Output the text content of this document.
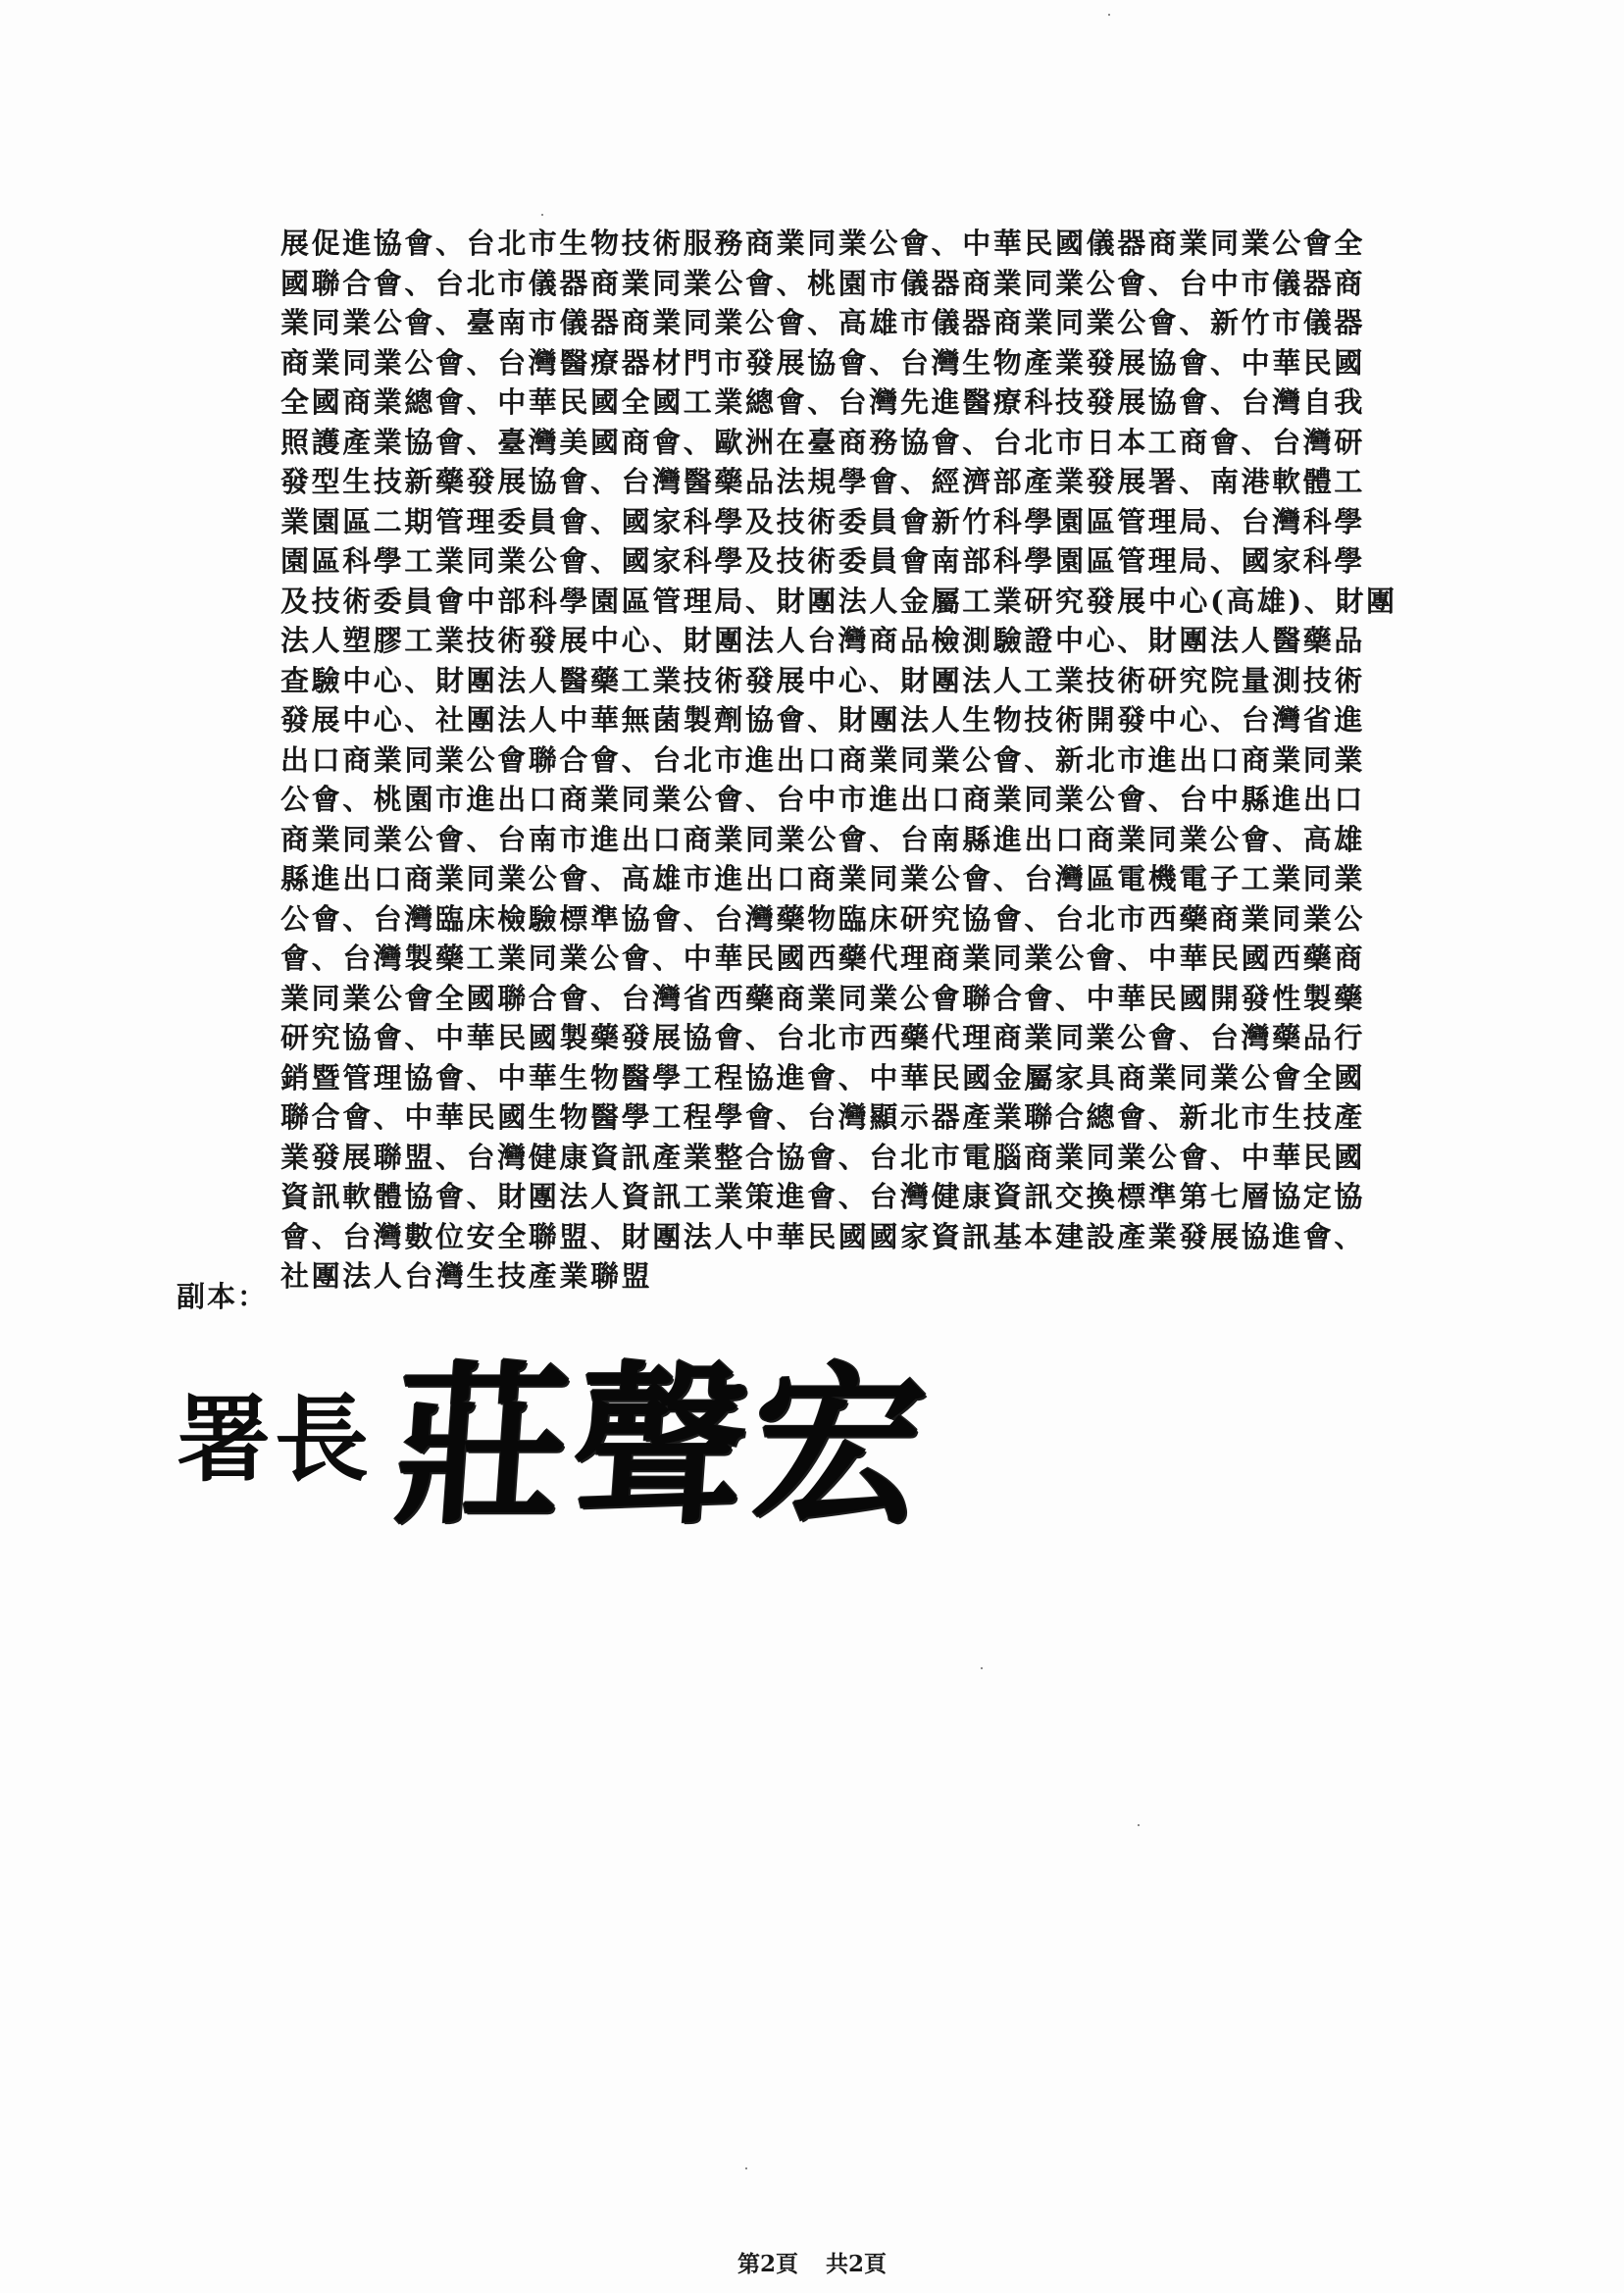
展促進協會、台北市生物技術服務商業同業公會、中華民國儀器商業同業公會全
國聯合會、台北市儀器商業同業公會、桃園市儀器商業同業公會、台中市儀器商
業同業公會、臺南市儀器商業同業公會、高雄市儀器商業同業公會、新竹市儀器
商業同業公會、台灣醫療器材門市發展協會、台灣生物產業發展協會、中華民國
全國商業總會、中華民國全國工業總會、台灣先進醫療科技發展協會、台灣自我
照護產業協會、臺灣美國商會、歐洲在臺商務協會、台北市日本工商會、台灣研
發型生技新藥發展協會、台灣醫藥品法規學會、經濟部產業發展署、南港軟體工
業園區二期管理委員會、國家科學及技術委員會新竹科學園區管理局、台灣科學
園區科學工業同業公會、國家科學及技術委員會南部科學園區管理局、國家科學
及技術委員會中部科學園區管理局、財團法人金屬工業研究發展中心(高雄)、財團
法人塑膠工業技術發展中心、財團法人台灣商品檢測驗證中心、財團法人醫藥品
查驗中心、財團法人醫藥工業技術發展中心、財團法人工業技術研究院量測技術
發展中心、社團法人中華無菌製劑協會、財團法人生物技術開發中心、台灣省進
出口商業同業公會聯合會、台北市進出口商業同業公會、新北市進出口商業同業
公會、桃園市進出口商業同業公會、台中市進出口商業同業公會、台中縣進出口
商業同業公會、台南市進出口商業同業公會、台南縣進出口商業同業公會、高雄
縣進出口商業同業公會、高雄市進出口商業同業公會、台灣區電機電子工業同業
公會、台灣臨床檢驗標準協會、台灣藥物臨床研究協會、台北市西藥商業同業公
會、台灣製藥工業同業公會、中華民國西藥代理商業同業公會、中華民國西藥商
業同業公會全國聯合會、台灣省西藥商業同業公會聯合會、中華民國開發性製藥
研究協會、中華民國製藥發展協會、台北市西藥代理商業同業公會、台灣藥品行
銷暨管理協會、中華生物醫學工程協進會、中華民國金屬家具商業同業公會全國
聯合會、中華民國生物醫學工程學會、台灣顯示器產業聯合總會、新北市生技產
業發展聯盟、台灣健康資訊產業整合協會、台北市電腦商業同業公會、中華民國
資訊軟體協會、財團法人資訊工業策進會、台灣健康資訊交換標準第七層協定協
會、台灣數位安全聯盟、財團法人中華民國國家資訊基本建設產業發展協進會、
社團法人台灣生技產業聯盟
副本：
署長 莊聲宏
第2頁 共2頁
